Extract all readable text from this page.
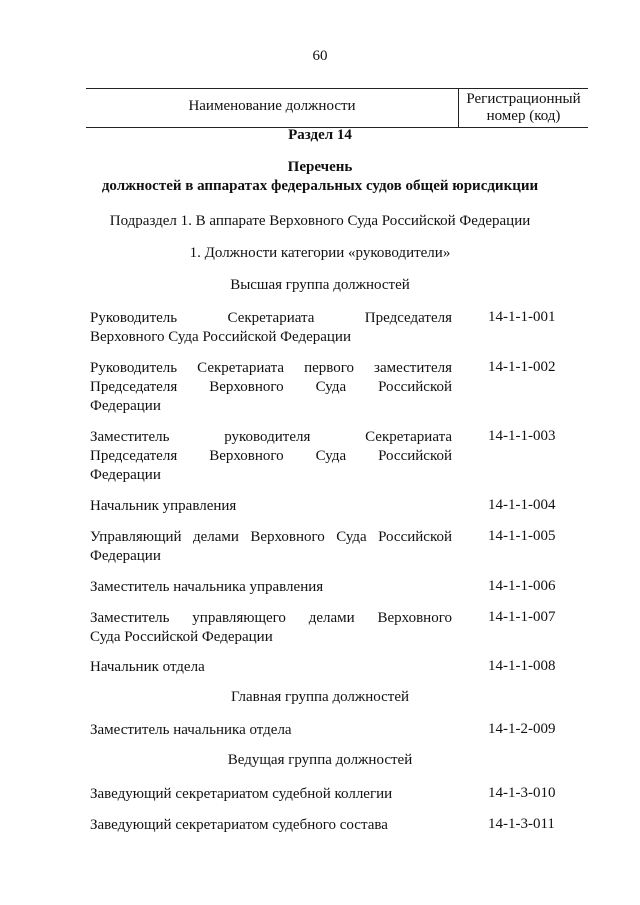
60
Наименование должности	Регистрационный
номер (код)
Раздел 14
Перечень
должностей в аппаратах федеральных судов общей юрисдикции
Подраздел 1. В аппарате Верховного Суда Российской Федерации
1. Должности категории «руководители»
Высшая группа должностей
Руководитель Секретариата Председателя
Верховного Суда Российской Федерации
14-1-1-001
Руководитель Секретариата первого заместителя
Председателя Верховного Суда Российской
Федерации
14-1-1-002
Заместитель руководителя Секретариата
Председателя Верховного Суда Российской
Федерации
14-1-1-003
Начальник управления	14-1-1-004
Управляющий делами Верховного Суда Российской
Федерации
14-1-1-005
Заместитель начальника управления	14-1-1-006
Заместитель управляющего делами Верховного
Суда Российской Федерации
14-1-1-007
Начальник отдела	14-1-1-008
Главная группа должностей
Заместитель начальника отдела	14-1-2-009
Ведущая группа должностей
Заведующий секретариатом судебной коллегии	14-1-3-010
Заведующий секретариатом судебного состава	14-1-3-011
